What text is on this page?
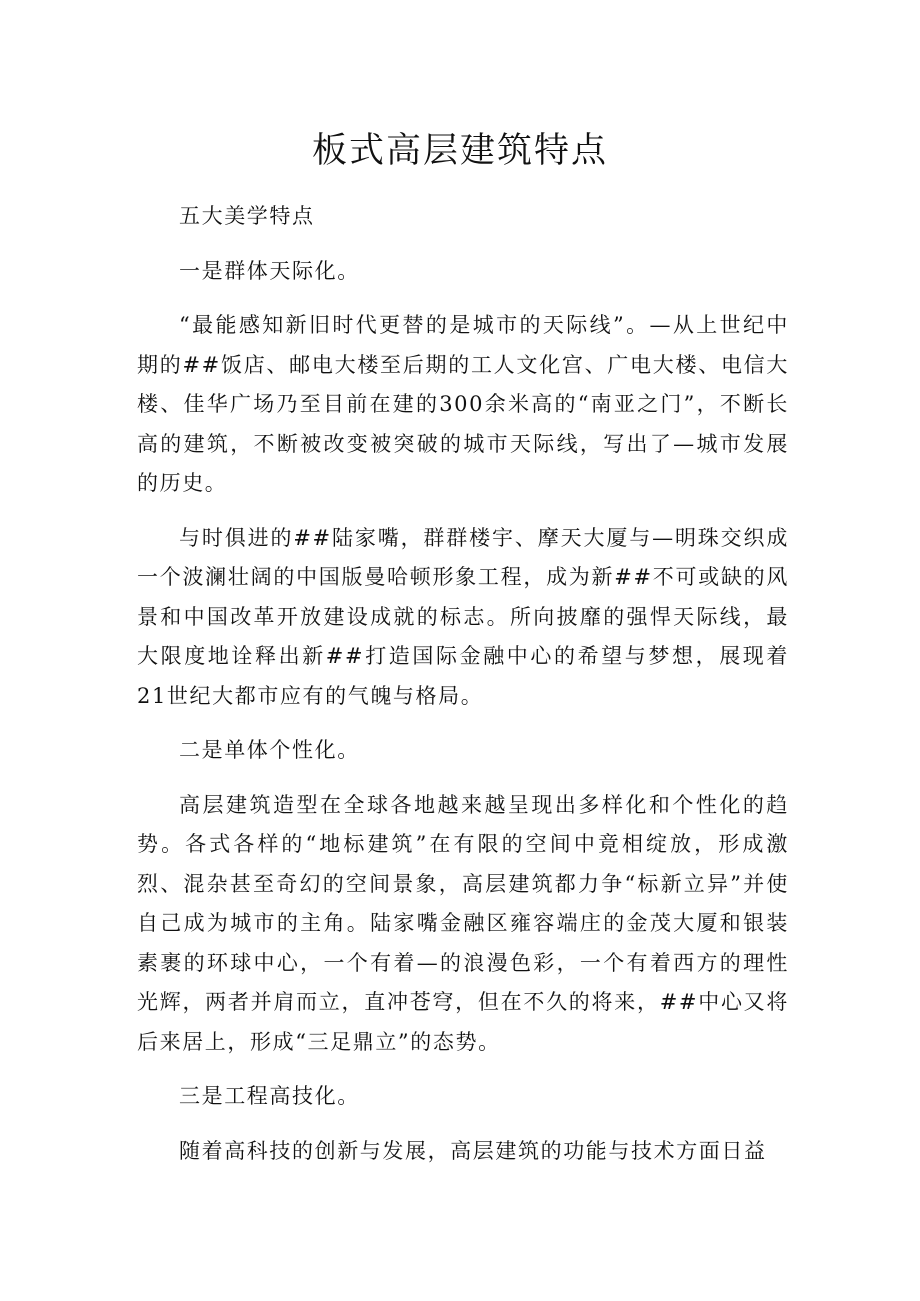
板式高层建筑特点

五大美学特点

一是群体天际化。

“最能感知新旧时代更替的是城市的天际线”。—从上世纪中期的##饭店、邮电大楼至后期的工人文化宫、广电大楼、电信大楼、佳华广场乃至目前在建的300余米高的“南亚之门”，不断长高的建筑，不断被改变被突破的城市天际线，写出了—城市发展的历史。

与时俱进的##陆家嘴，群群楼宇、摩天大厦与—明珠交织成一个波澜壮阔的中国版曼哈顿形象工程，成为新##不可或缺的风景和中国改革开放建设成就的标志。所向披靡的强悍天际线，最大限度地诠释出新##打造国际金融中心的希望与梦想，展现着21世纪大都市应有的气魄与格局。

二是单体个性化。

高层建筑造型在全球各地越来越呈现出多样化和个性化的趋势。各式各样的“地标建筑”在有限的空间中竟相绽放，形成激烈、混杂甚至奇幻的空间景象，高层建筑都力争“标新立异”并使自己成为城市的主角。陆家嘴金融区雍容端庄的金茂大厦和银装素裹的环球中心，一个有着—的浪漫色彩，一个有着西方的理性光辉，两者并肩而立，直冲苍穹，但在不久的将来，##中心又将后来居上，形成“三足鼎立”的态势。

三是工程高技化。

随着高科技的创新与发展，高层建筑的功能与技术方面日益
